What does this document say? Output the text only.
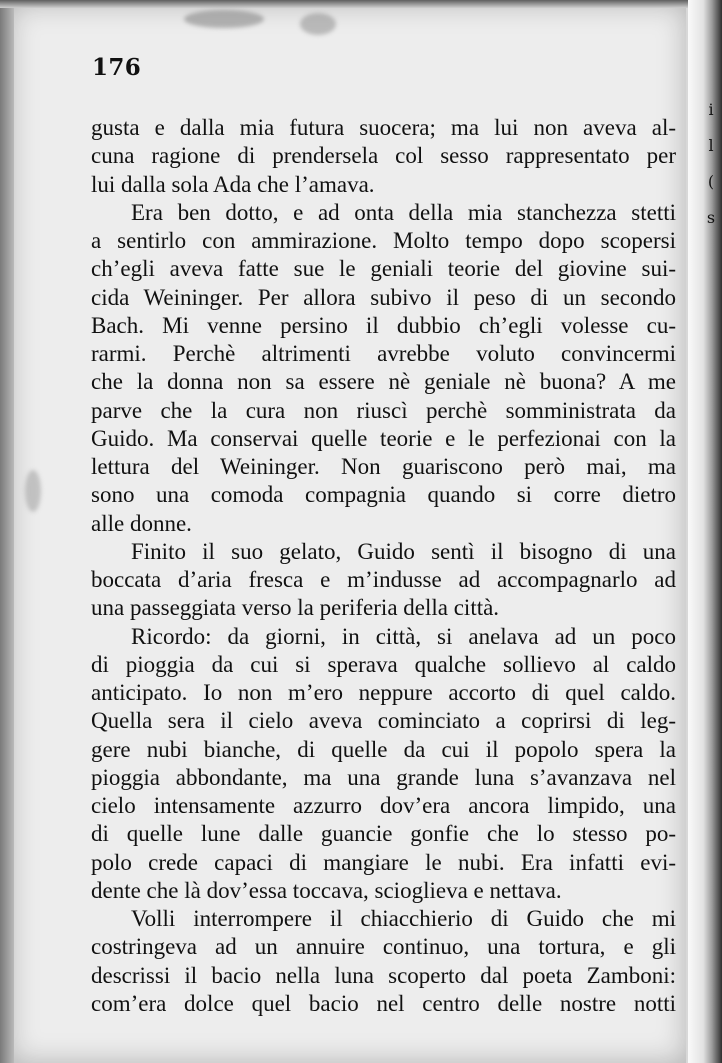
i
l
(
s
176
gusta e dalla mia futura suocera; ma lui non aveva al-
cuna ragione di prendersela col sesso rappresentato per
lui dalla sola Ada che l’amava.
Era ben dotto, e ad onta della mia stanchezza stetti
a sentirlo con ammirazione. Molto tempo dopo scopersi
ch’egli aveva fatte sue le geniali teorie del giovine sui-
cida Weininger. Per allora subivo il peso di un secondo
Bach. Mi venne persino il dubbio ch’egli volesse cu-
rarmi. Perchè altrimenti avrebbe voluto convincermi
che la donna non sa essere nè geniale nè buona? A me
parve che la cura non riuscì perchè somministrata da
Guido. Ma conservai quelle teorie e le perfezionai con la
lettura del Weininger. Non guariscono però mai, ma
sono una comoda compagnia quando si corre dietro
alle donne.
Finito il suo gelato, Guido sentì il bisogno di una
boccata d’aria fresca e m’indusse ad accompagnarlo ad
una passeggiata verso la periferia della città.
Ricordo: da giorni, in città, si anelava ad un poco
di pioggia da cui si sperava qualche sollievo al caldo
anticipato. Io non m’ero neppure accorto di quel caldo.
Quella sera il cielo aveva cominciato a coprirsi di leg-
gere nubi bianche, di quelle da cui il popolo spera la
pioggia abbondante, ma una grande luna s’avanzava nel
cielo intensamente azzurro dov’era ancora limpido, una
di quelle lune dalle guancie gonfie che lo stesso po-
polo crede capaci di mangiare le nubi. Era infatti evi-
dente che là dov’essa toccava, scioglieva e nettava.
Volli interrompere il chiacchierio di Guido che mi
costringeva ad un annuire continuo, una tortura, e gli
descrissi il bacio nella luna scoperto dal poeta Zamboni:
com’era dolce quel bacio nel centro delle nostre notti
